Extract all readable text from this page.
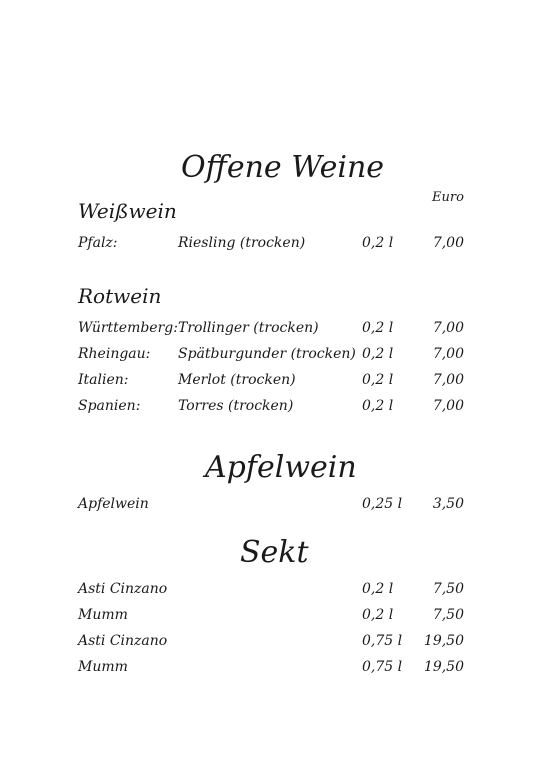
Offene Weine
Euro
Weißwein
Pfalz:	Riesling (trocken)	0,2 l	7,00
Rotwein
Württemberg: Trollinger (trocken)	0,2 l	7,00
Rheingau: Spätburgunder (trocken) 0,2 l	7,00
Italien:	Merlot (trocken)	0,2 l	7,00
Spanien:	Torres (trocken)	0,2 l	7,00
Apfelwein
Apfelwein	0,25 l 3,50
Sekt
Asti Cinzano	0,2 l	7,50
Mumm	0,2 l	7,50
Asti Cinzano	0,75 l 19,50
Mumm	0,75 l 19,50
